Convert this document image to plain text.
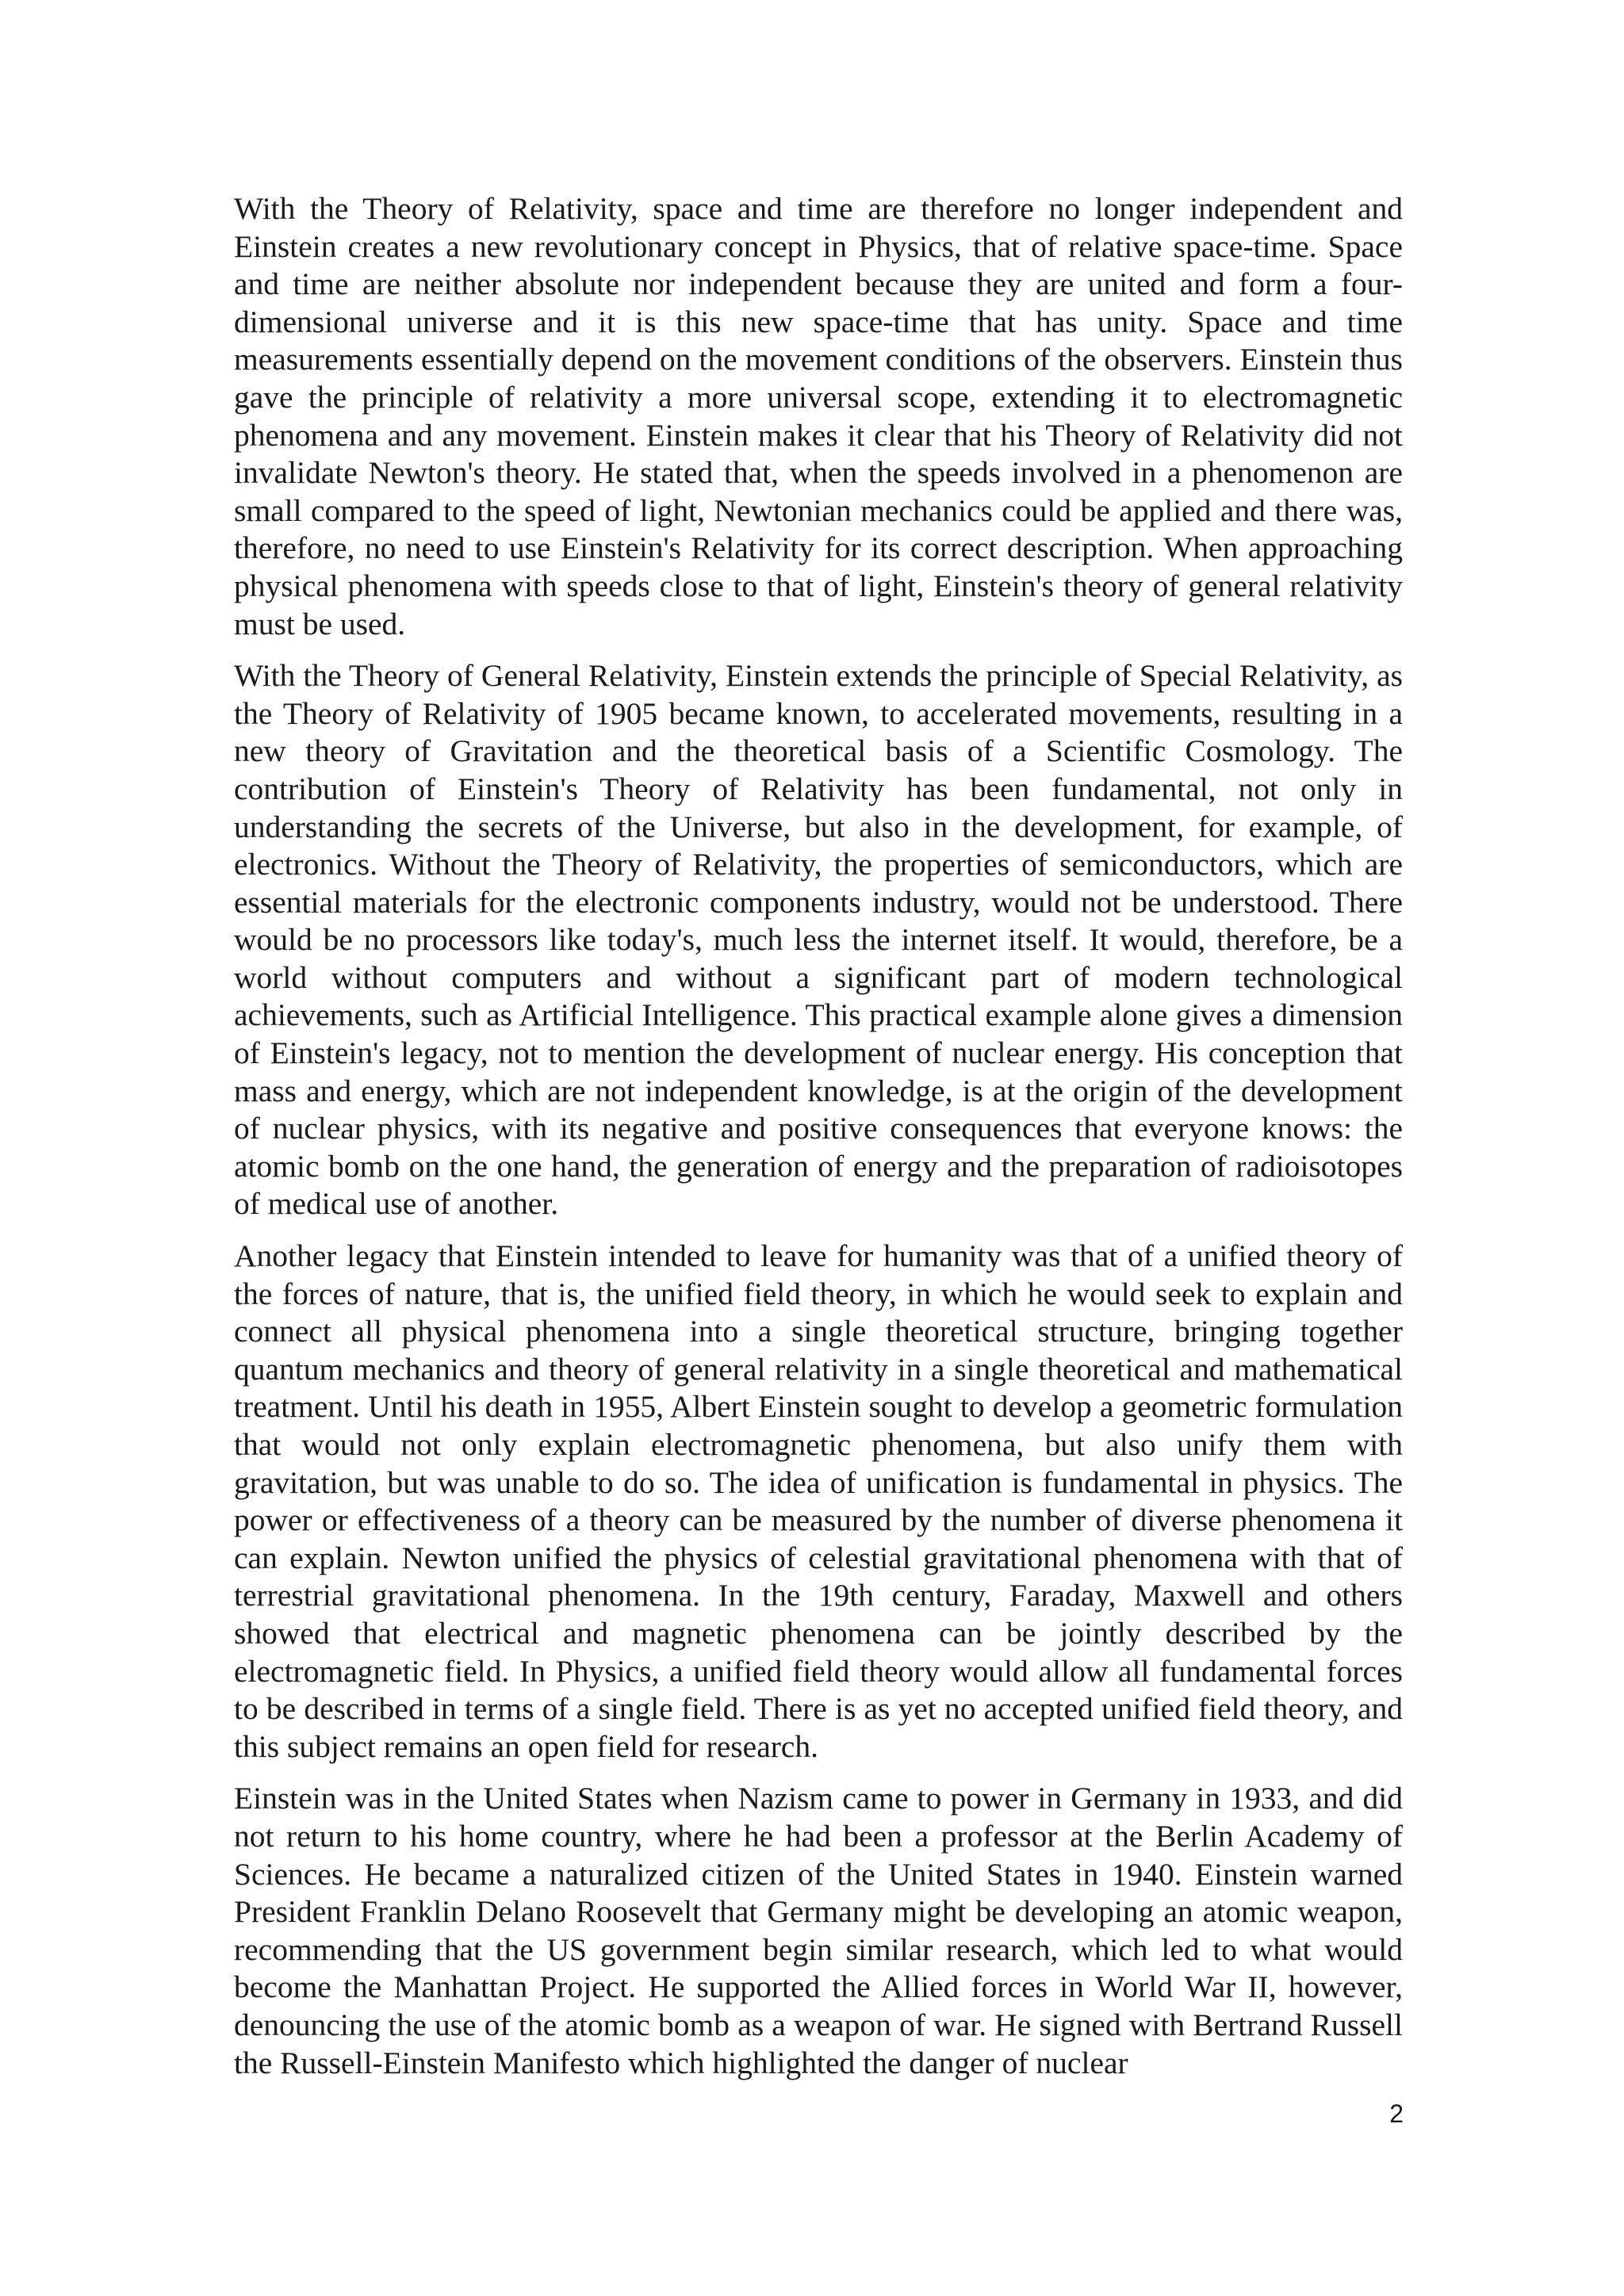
With the Theory of Relativity, space and time are therefore no longer independent and Einstein creates a new revolutionary concept in Physics, that of relative space-time. Space and time are neither absolute nor independent because they are united and form a four-dimensional universe and it is this new space-time that has unity. Space and time measurements essentially depend on the movement conditions of the observers. Einstein thus gave the principle of relativity a more universal scope, extending it to electromagnetic phenomena and any movement. Einstein makes it clear that his Theory of Relativity did not invalidate Newton's theory. He stated that, when the speeds involved in a phenomenon are small compared to the speed of light, Newtonian mechanics could be applied and there was, therefore, no need to use Einstein's Relativity for its correct description. When approaching physical phenomena with speeds close to that of light, Einstein's theory of general relativity must be used.

With the Theory of General Relativity, Einstein extends the principle of Special Relativity, as the Theory of Relativity of 1905 became known, to accelerated movements, resulting in a new theory of Gravitation and the theoretical basis of a Scientific Cosmology. The contribution of Einstein's Theory of Relativity has been fundamental, not only in understanding the secrets of the Universe, but also in the development, for example, of electronics. Without the Theory of Relativity, the properties of semiconductors, which are essential materials for the electronic components industry, would not be understood. There would be no processors like today's, much less the internet itself. It would, therefore, be a world without computers and without a significant part of modern technological achievements, such as Artificial Intelligence. This practical example alone gives a dimension of Einstein's legacy, not to mention the development of nuclear energy. His conception that mass and energy, which are not independent knowledge, is at the origin of the development of nuclear physics, with its negative and positive consequences that everyone knows: the atomic bomb on the one hand, the generation of energy and the preparation of radioisotopes of medical use of another.

Another legacy that Einstein intended to leave for humanity was that of a unified theory of the forces of nature, that is, the unified field theory, in which he would seek to explain and connect all physical phenomena into a single theoretical structure, bringing together quantum mechanics and theory of general relativity in a single theoretical and mathematical treatment. Until his death in 1955, Albert Einstein sought to develop a geometric formulation that would not only explain electromagnetic phenomena, but also unify them with gravitation, but was unable to do so. The idea of unification is fundamental in physics. The power or effectiveness of a theory can be measured by the number of diverse phenomena it can explain. Newton unified the physics of celestial gravitational phenomena with that of terrestrial gravitational phenomena. In the 19th century, Faraday, Maxwell and others showed that electrical and magnetic phenomena can be jointly described by the electromagnetic field. In Physics, a unified field theory would allow all fundamental forces to be described in terms of a single field. There is as yet no accepted unified field theory, and this subject remains an open field for research.

Einstein was in the United States when Nazism came to power in Germany in 1933, and did not return to his home country, where he had been a professor at the Berlin Academy of Sciences. He became a naturalized citizen of the United States in 1940. Einstein warned President Franklin Delano Roosevelt that Germany might be developing an atomic weapon, recommending that the US government begin similar research, which led to what would become the Manhattan Project. He supported the Allied forces in World War II, however, denouncing the use of the atomic bomb as a weapon of war. He signed with Bertrand Russell the Russell-Einstein Manifesto which highlighted the danger of nuclear

2
